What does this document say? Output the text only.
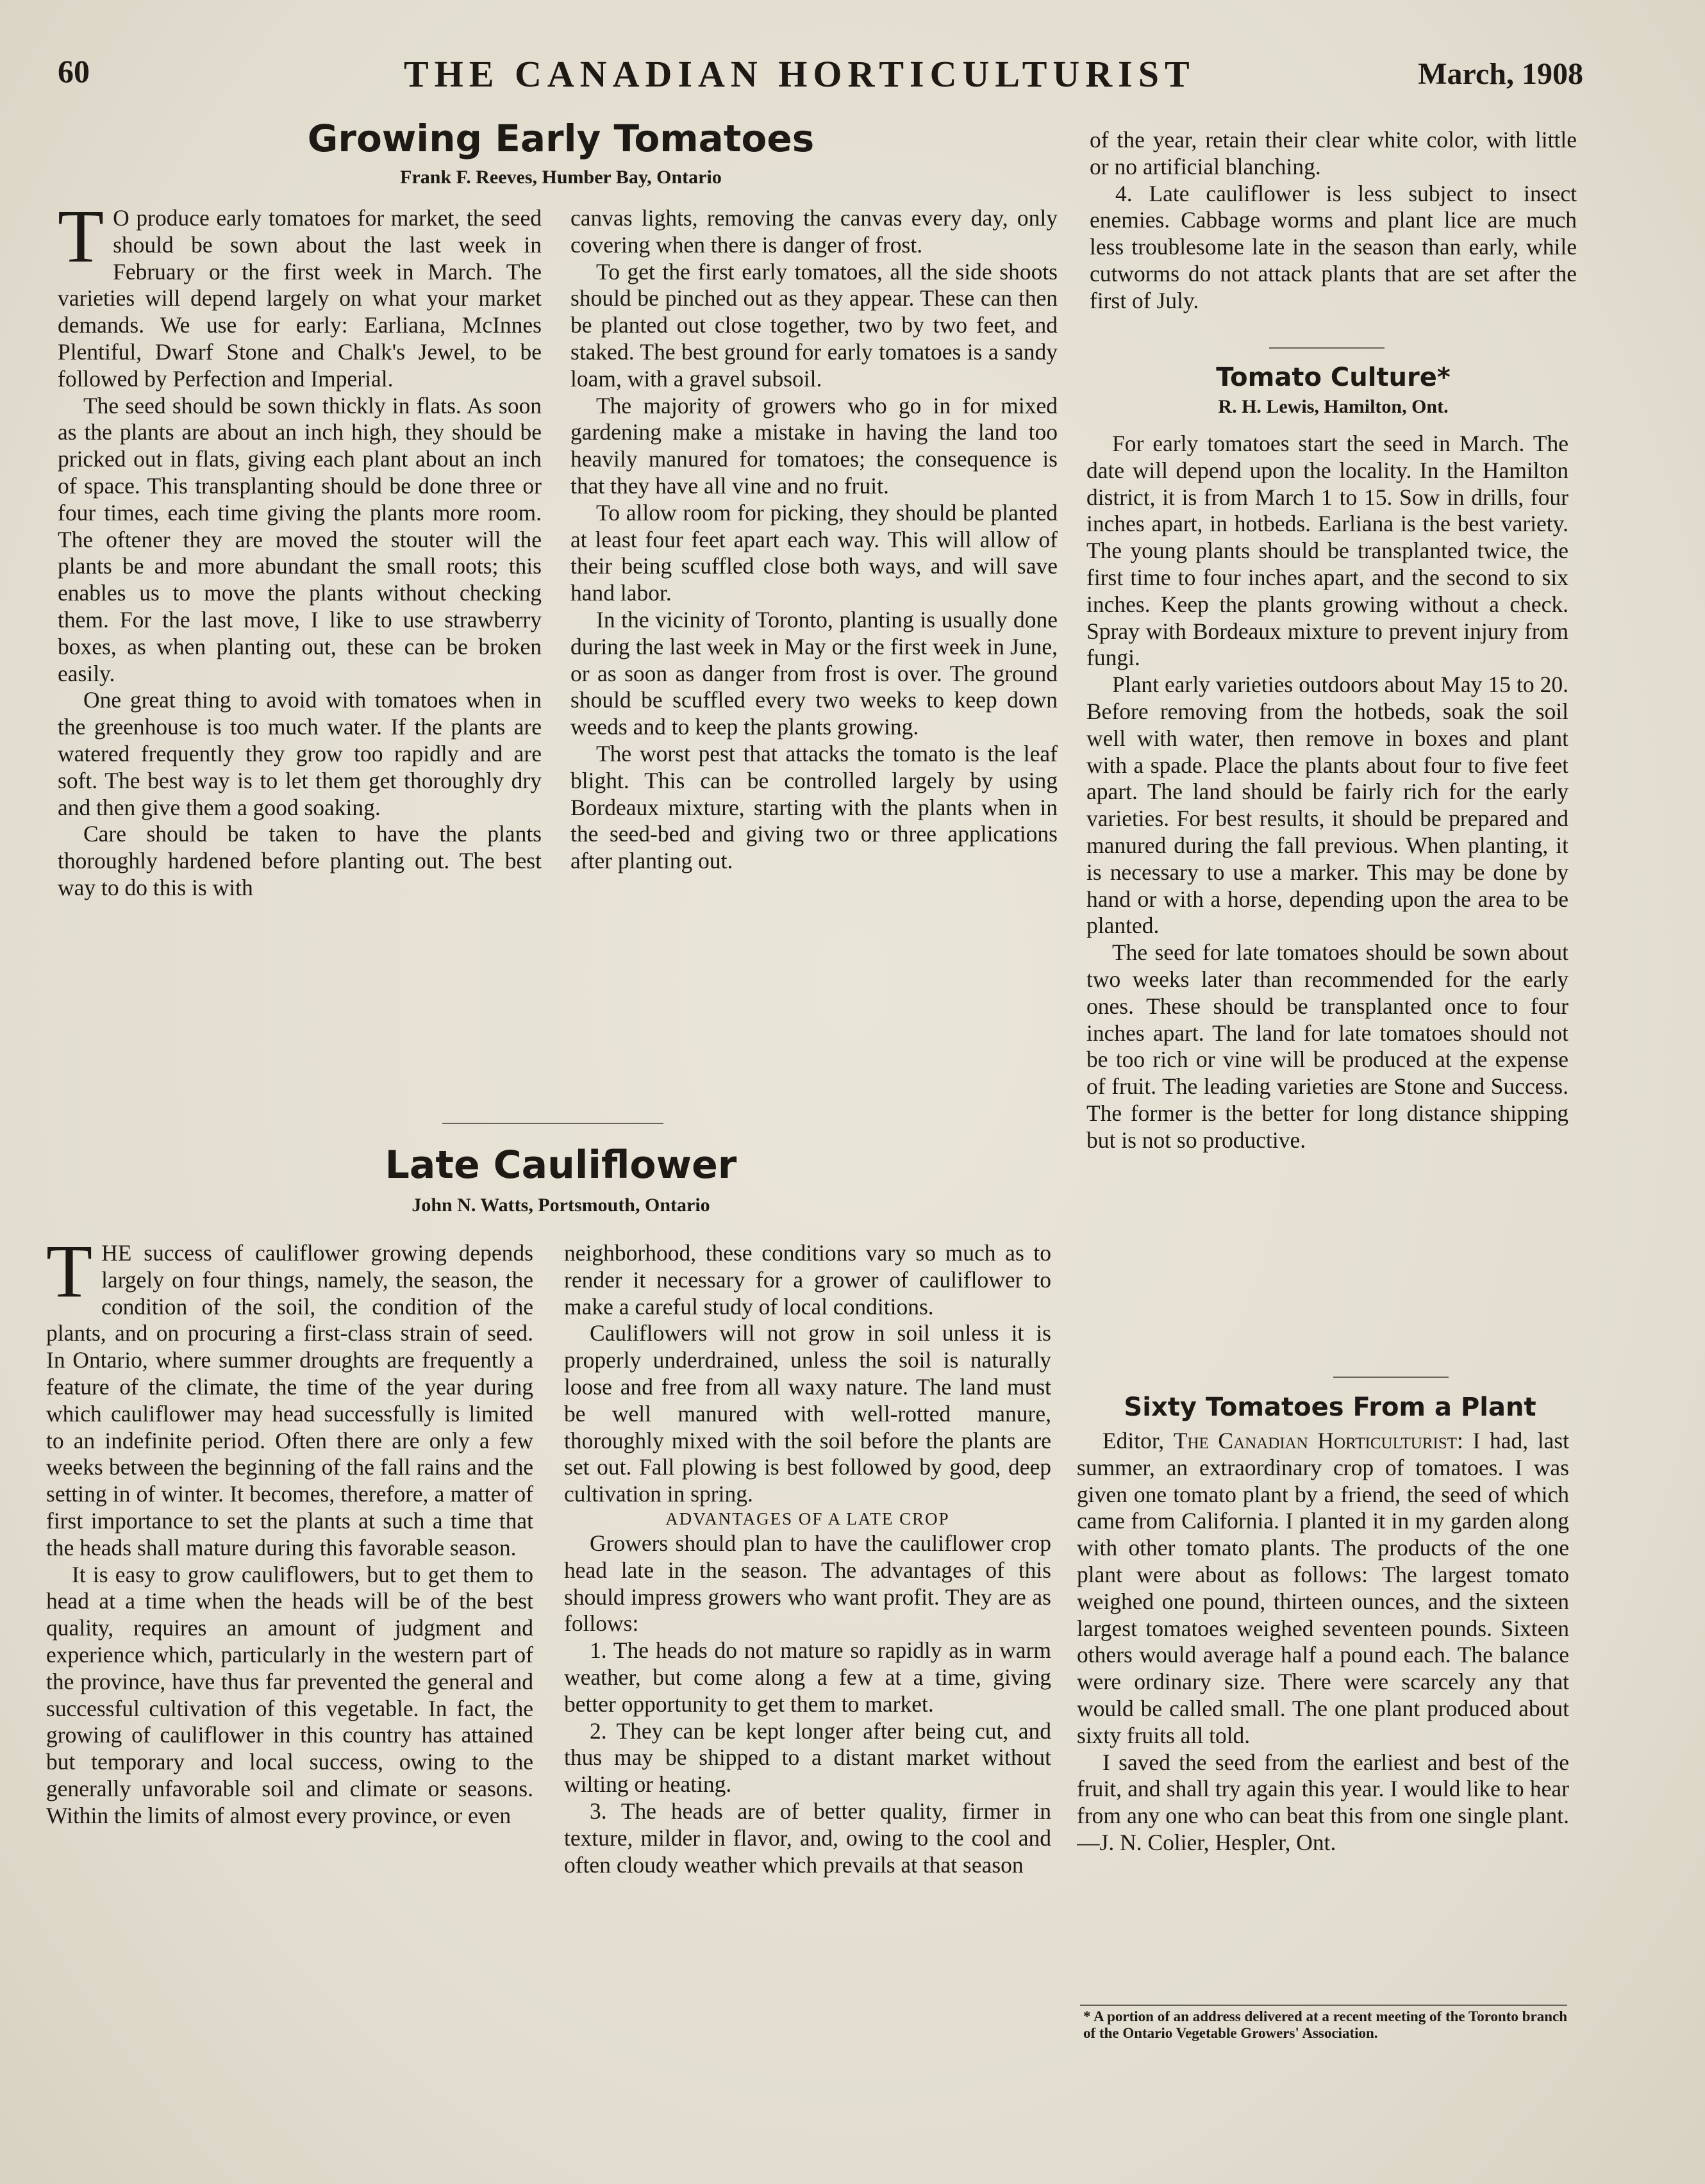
60	THE CANADIAN HORTICULTURIST	March, 1908
Growing Early Tomatoes
Frank F. Reeves, Humber Bay, Ontario

T O produce early tomatoes for market, the seed should be sown about the last week in February or the first week in March. The varieties will depend largely on what your market demands. We use for early: Earliana, McInnes Plentiful, Dwarf Stone and Chalk's Jewel, to be followed by Perfection and Imperial.

The seed should be sown thickly in flats. As soon as the plants are about an inch high, they should be pricked out in flats, giving each plant about an inch of space. This transplanting should be done three or four times, each time giving the plants more room. The oftener they are moved the stouter will the plants be and more abundant the small roots; this enables us to move the plants without checking them. For the last move, I like to use strawberry boxes, as when planting out, these can be broken easily.

One great thing to avoid with tomatoes when in the greenhouse is too much water. If the plants are watered frequently they grow too rapidly and are soft. The best way is to let them get thoroughly dry and then give them a good soaking.

Care should be taken to have the plants thoroughly hardened before planting out. The best way to do this is with

canvas lights, removing the canvas every day, only covering when there is danger of frost.

To get the first early tomatoes, all the side shoots should be pinched out as they appear. These can then be planted out close together, two by two feet, and staked. The best ground for early tomatoes is a sandy loam, with a gravel subsoil.

The majority of growers who go in for mixed gardening make a mistake in having the land too heavily manured for tomatoes; the consequence is that they have all vine and no fruit.

To allow room for picking, they should be planted at least four feet apart each way. This will allow of their being scuffled close both ways, and will save hand labor.

In the vicinity of Toronto, planting is usually done during the last week in May or the first week in June, or as soon as danger from frost is over. The ground should be scuffled every two weeks to keep down weeds and to keep the plants growing.

The worst pest that attacks the tomato is the leaf blight. This can be controlled largely by using Bordeaux mixture, starting with the plants when in the seed-bed and giving two or three applications after planting out.

Late Cauliflower
John N. Watts, Portsmouth, Ontario

THE success of cauliflower growing depends largely on four things, namely, the season, the condition of the soil, the condition of the plants, and on procuring a first-class strain of seed. In Ontario, where summer droughts are frequently a feature of the climate, the time of the year during which cauliflower may head successfully is limited to an indefinite period. Often there are only a few weeks between the beginning of the fall rains and the setting in of winter. It becomes, therefore, a matter of first importance to set the plants at such a time that the heads shall mature during this favorable season.

It is easy to grow cauliflowers, but to get them to head at a time when the heads will be of the best quality, requires an amount of judgment and experience which, particularly in the western part of the province, have thus far prevented the general and successful cultivation of this vegetable. In fact, the growing of cauliflower in this country has attained but temporary and local success, owing to the generally unfavorable soil and climate or seasons. Within the limits of almost every province, or even

neighborhood, these conditions vary so much as to render it necessary for a grower of cauliflower to make a careful study of local conditions.

Cauliflowers will not grow in soil unless it is properly underdrained, unless the soil is naturally loose and free from all waxy nature. The land must be well manured with well-rotted manure, thoroughly mixed with the soil before the plants are set out. Fall plowing is best followed by good, deep cultivation in spring.

ADVANTAGES OF A LATE CROP

Growers should plan to have the cauliflower crop head late in the season. The advantages of this should impress growers who want profit. They are as follows:

1. The heads do not mature so rapidly as in warm weather, but come along a few at a time, giving better opportunity to get them to market.

2. They can be kept longer after being cut, and thus may be shipped to a distant market without wilting or heating.

3. The heads are of better quality, firmer in texture, milder in flavor, and, owing to the cool and often cloudy weather which prevails at that season

of the year, retain their clear white color, with little or no artificial blanching.

4. Late cauliflower is less subject to insect enemies. Cabbage worms and plant lice are much less troublesome late in the season than early, while cutworms do not attack plants that are set after the first of July.

Tomato Culture*
R. H. Lewis, Hamilton, Ont.

For early tomatoes start the seed in March. The date will depend upon the locality. In the Hamilton district, it is from March 1 to 15. Sow in drills, four inches apart, in hotbeds. Earliana is the best variety. The young plants should be transplanted twice, the first time to four inches apart, and the second to six inches. Keep the plants growing without a check. Spray with Bordeaux mixture to prevent injury from fungi.

Plant early varieties outdoors about May 15 to 20. Before removing from the hotbeds, soak the soil well with water, then remove in boxes and plant with a spade. Place the plants about four to five feet apart. The land should be fairly rich for the early varieties. For best results, it should be prepared and manured during the fall previous. When planting, it is necessary to use a marker. This may be done by hand or with a horse, depending upon the area to be planted.

The seed for late tomatoes should be sown about two weeks later than recommended for the early ones. These should be transplanted once to four inches apart. The land for late tomatoes should not be too rich or vine will be produced at the expense of fruit. The leading varieties are Stone and Success. The former is the better for long distance shipping but is not so productive.

Sixty Tomatoes From a Plant

Editor, The Canadian Horticulturist: I had, last summer, an extraordinary crop of tomatoes. I was given one tomato plant by a friend, the seed of which came from California. I planted it in my garden along with other tomato plants. The products of the one plant were about as follows: The largest tomato weighed one pound, thirteen ounces, and the sixteen largest tomatoes weighed seventeen pounds. Sixteen others would average half a pound each. The balance were ordinary size. There were scarcely any that would be called small. The one plant produced about sixty fruits all told.

I saved the seed from the earliest and best of the fruit, and shall try again this year. I would like to hear from any one who can beat this from one single plant.—J. N. Colier, Hespler, Ont.

* A portion of an address delivered at a recent meeting of the Toronto branch of the Ontario Vegetable Growers' Association.
